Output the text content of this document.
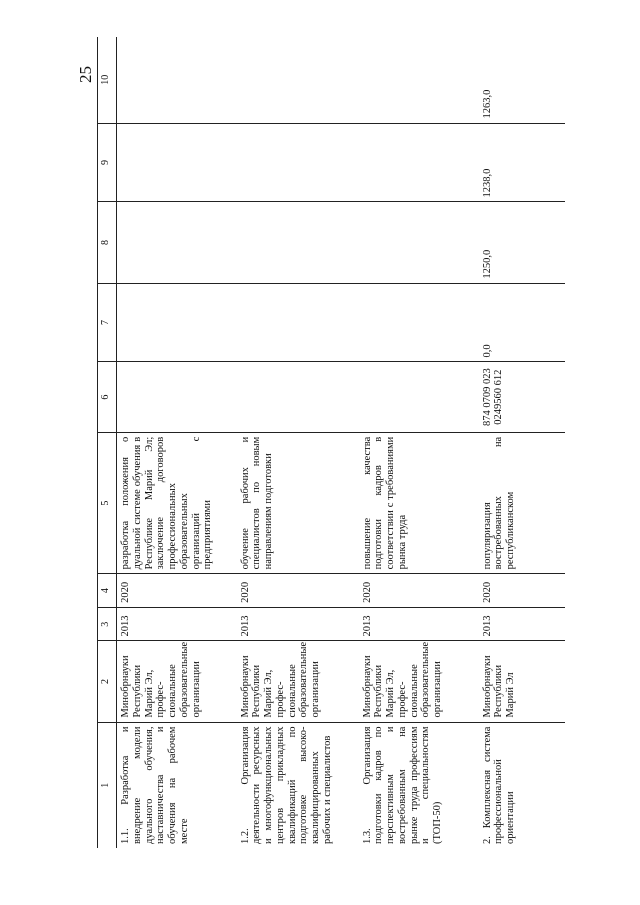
25
1	2	3	4	5	6	7	8	9	10
1.1. Разработка и внедрение модели дуального обучения, наставничества и обучения на рабочем месте	Минобрнауки Республики Марий Эл, профес-сиональные образовательные организации	2013	2020	разработка положения о дуальной системе обучения в Республике Марий Эл; заключение договоров профессиональных образовательных организаций с предприятиями					
1.2. Организация деятельности ресурсных и многофункциональных центров прикладных квалификаций по подготовке высоко-квалифицированных рабочих и специалистов	Минобрнауки Республики Марий Эл, профес-сиональные образовательные организации	2013	2020	обучение рабочих и специалистов по новым направлениям подготовки					
1.3. Организация подготовки кадров по перспективным и востребованным на рынке труда профессиям и специальностям (ТОП-50)	Минобрнауки Республики Марий Эл, профес-сиональные образовательные организации	2013	2020	повышение качества подготовки кадров в соответствии с требованиями рынка труда					
2. Комплексная система профессиональной ориентации	Минобрнауки Республики Марий Эл	2013	2020	популяризация востребованных на республиканском	874 0709 0230249560 612	0,0	1250,0	1238,0	1263,0
